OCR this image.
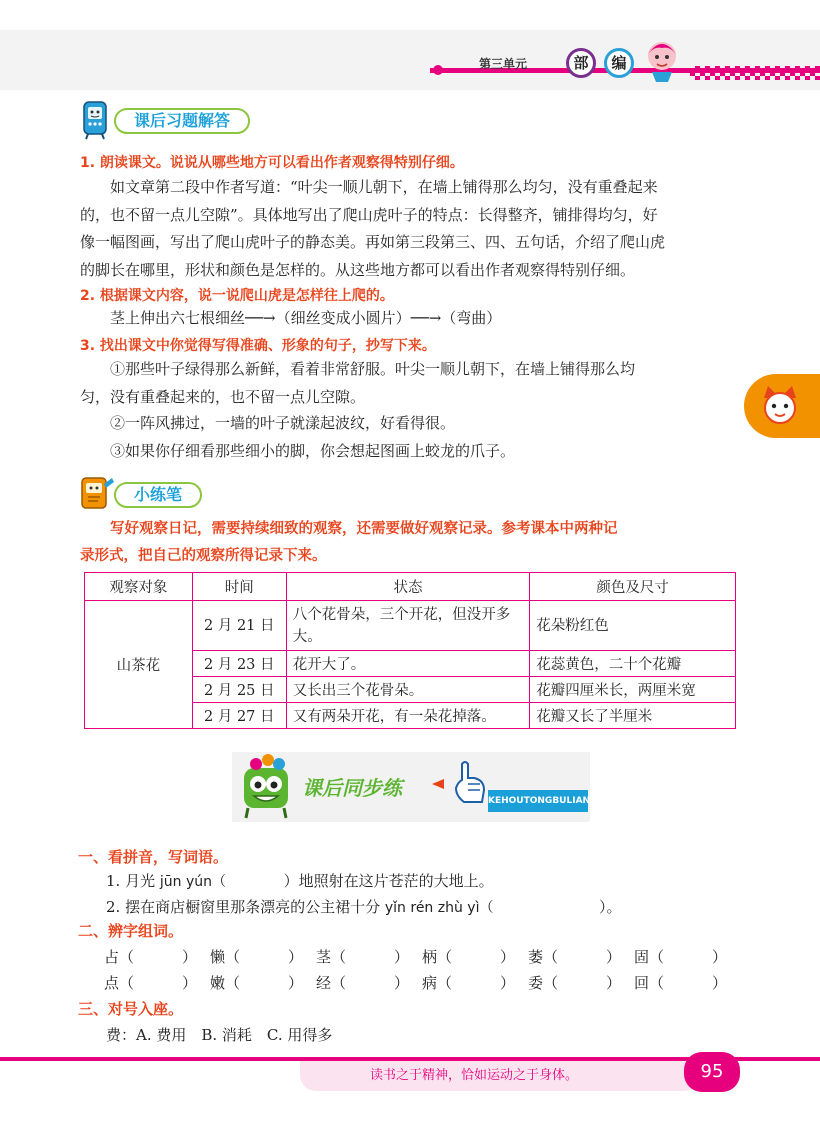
第三单元	部	编
课后习题解答
1. 朗读课文。说说从哪些地方可以看出作者观察得特别仔细。
如文章第二段中作者写道：“叶尖一顺儿朝下，在墙上铺得那么均匀，没有重叠起来
的，也不留一点儿空隙”。具体地写出了爬山虎叶子的特点：长得整齐，铺排得均匀，好
像一幅图画，写出了爬山虎叶子的静态美。再如第三段第三、四、五句话，介绍了爬山虎
的脚长在哪里，形状和颜色是怎样的。从这些地方都可以看出作者观察得特别仔细。
2. 根据课文内容，说一说爬山虎是怎样往上爬的。
茎上伸出六七根细丝──→（细丝变成小圆片）──→（弯曲）
3. 找出课文中你觉得写得准确、形象的句子，抄写下来。
①那些叶子绿得那么新鲜，看着非常舒服。叶尖一顺儿朝下，在墙上铺得那么均
匀，没有重叠起来的，也不留一点儿空隙。
②一阵风拂过，一墙的叶子就漾起波纹，好看得很。
③如果你仔细看那些细小的脚，你会想起图画上蛟龙的爪子。
小练笔
写好观察日记，需要持续细致的观察，还需要做好观察记录。参考课本中两种记
录形式，把自己的观察所得记录下来。
观察对象	时间	状态	颜色及尺寸
山茶花	2 月 21 日	八个花骨朵，三个开花，但没开多大。	花朵粉红色
	2 月 23 日	花开大了。	花蕊黄色，二十个花瓣
	2 月 25 日	又长出三个花骨朵。	花瓣四厘米长，两厘米宽
	2 月 27 日	又有两朵开花，有一朵花掉落。	花瓣又长了半厘米
课后同步练
KEHOUTONGBULIAN
一、看拼音，写词语。
1. 月光 jūn yún（	）地照射在这片苍茫的大地上。
2. 摆在商店橱窗里那条漂亮的公主裙十分 yǐn rén zhù yì（	）。
二、辨字组词。
占（	） 懒（	） 茎（	） 柄（	） 萎（	） 固（	）
点（	） 嫩（	） 经（	） 病（	） 委（	） 回（	）
三、对号入座。
费：A. 费用　B. 消耗　C. 用得多
读书之于精神，恰如运动之于身体。	95
